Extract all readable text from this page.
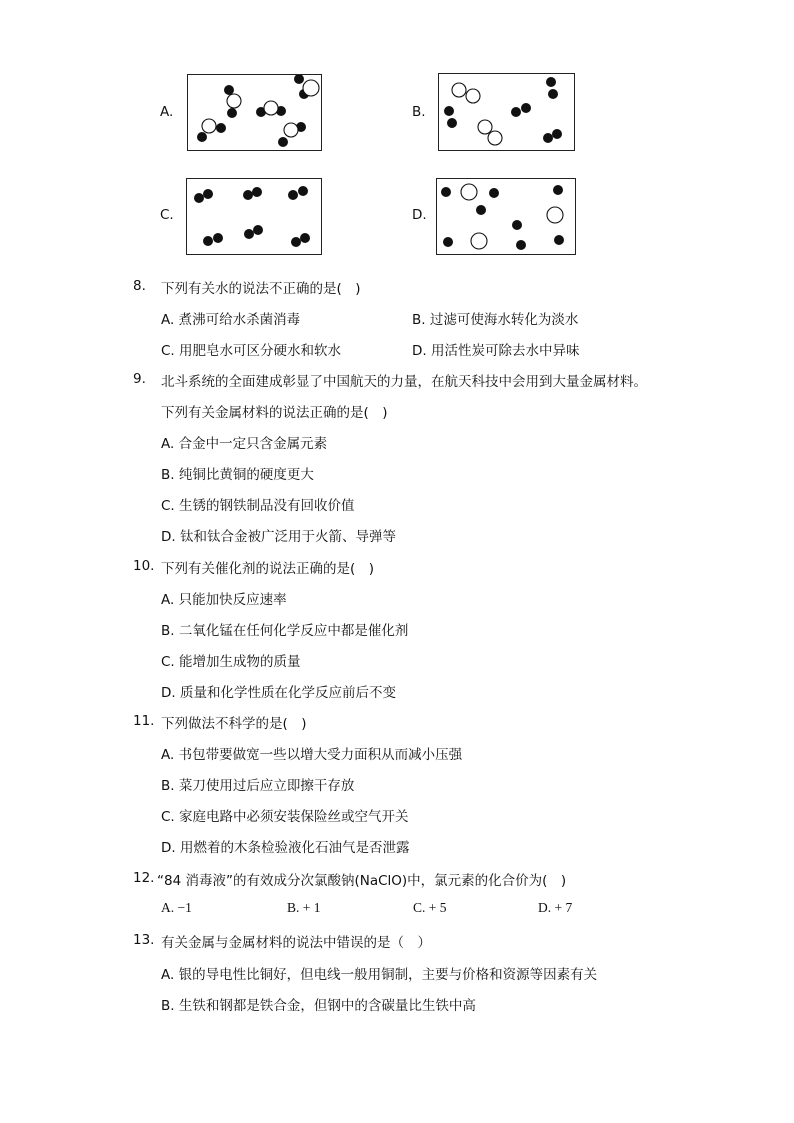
A.	B.
C.	D.
8. 下列有关水的说法不正确的是(　)
A. 煮沸可给水杀菌消毒	B. 过滤可使海水转化为淡水
C. 用肥皂水可区分硬水和软水	D. 用活性炭可除去水中异味
9. 北斗系统的全面建成彰显了中国航天的力量，在航天科技中会用到大量金属材料。
下列有关金属材料的说法正确的是(　)
A. 合金中一定只含金属元素
B. 纯铜比黄铜的硬度更大
C. 生锈的钢铁制品没有回收价值
D. 钛和钛合金被广泛用于火箭、导弹等
10. 下列有关催化剂的说法正确的是(　)
A. 只能加快反应速率
B. 二氧化锰在任何化学反应中都是催化剂
C. 能增加生成物的质量
D. 质量和化学性质在化学反应前后不变
11. 下列做法不科学的是(　)
A. 书包带要做宽一些以增大受力面积从而减小压强
B. 菜刀使用过后应立即擦干存放
C. 家庭电路中必须安装保险丝或空气开关
D. 用燃着的木条检验液化石油气是否泄露
12. “84 消毒液”的有效成分次氯酸钠(NaClO)中，氯元素的化合价为(　)
A. −1	B. + 1	C. + 5	D. + 7
13. 有关金属与金属材料的说法中错误的是（　）
A. 银的导电性比铜好，但电线一般用铜制，主要与价格和资源等因素有关
B. 生铁和钢都是铁合金，但钢中的含碳量比生铁中高
